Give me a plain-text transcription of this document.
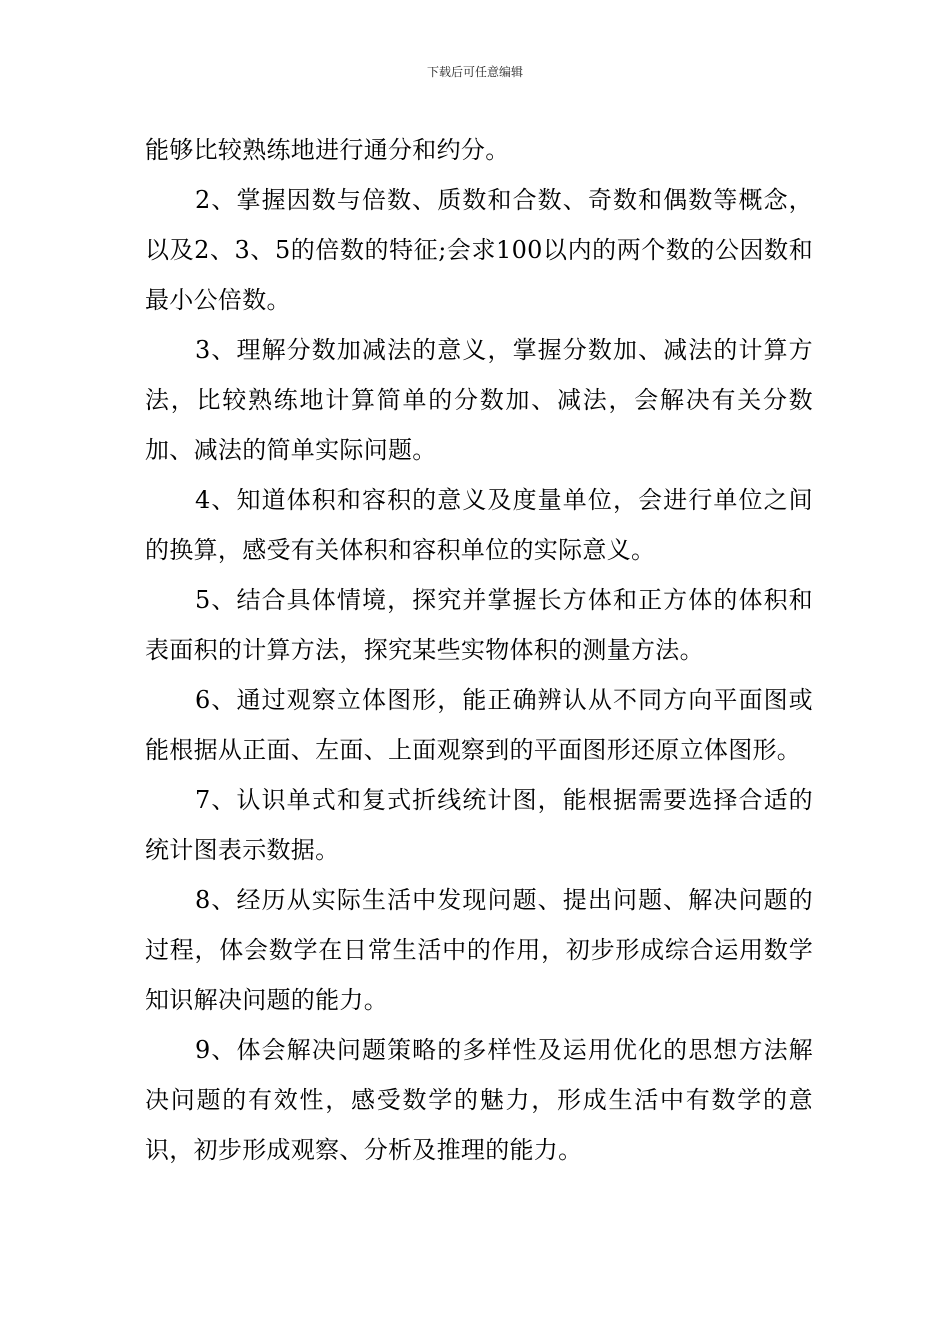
下载后可任意编辑

能够比较熟练地进行通分和约分。

2、掌握因数与倍数、质数和合数、奇数和偶数等概念，以及2、3、5的倍数的特征;会求100以内的两个数的公因数和最小公倍数。

3、理解分数加减法的意义，掌握分数加、减法的计算方法，比较熟练地计算简单的分数加、减法，会解决有关分数加、减法的简单实际问题。

4、知道体积和容积的意义及度量单位，会进行单位之间的换算，感受有关体积和容积单位的实际意义。

5、结合具体情境，探究并掌握长方体和正方体的体积和表面积的计算方法，探究某些实物体积的测量方法。

6、通过观察立体图形，能正确辨认从不同方向平面图或能根据从正面、左面、上面观察到的平面图形还原立体图形。

7、认识单式和复式折线统计图，能根据需要选择合适的统计图表示数据。

8、经历从实际生活中发现问题、提出问题、解决问题的过程，体会数学在日常生活中的作用，初步形成综合运用数学知识解决问题的能力。

9、体会解决问题策略的多样性及运用优化的思想方法解决问题的有效性，感受数学的魅力，形成生活中有数学的意识，初步形成观察、分析及推理的能力。
